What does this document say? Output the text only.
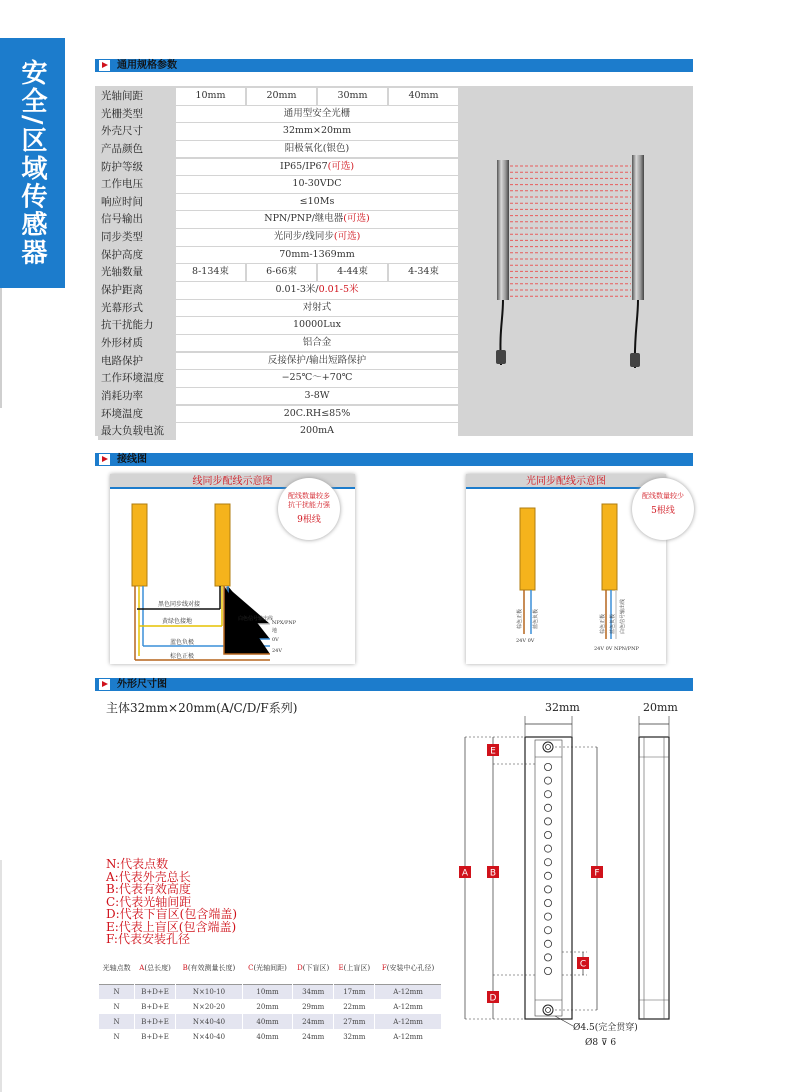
安全/区域传感器	通用规格参数
光轴间距	10mm	20mm	30mm	40mm
光栅类型	通用型安全光栅
外壳尺寸	32mm×20mm
产品颜色	阳极氧化(银色)
防护等级	IP65/IP67(可选)
工作电压	10-30VDC
响应时间	≤10Ms
信号输出	NPN/PNP/继电器(可选)
同步类型	光同步/线同步(可选)
保护高度	70mm-1369mm
光轴数量	8-134束	6-66束	4-44束	4-34束
保护距离	0.01-3米/0.01-5米
光幕形式	对射式
抗干扰能力	10000Lux
外形材质	铝合金
电路保护	反接保护/输出短路保护
工作环境温度	−25℃～+70℃
消耗功率	3-8W
环境温度	20C.RH≤85%
最大负载电流	200mA
接线图
黑色同步线对接
黄绿色接地	白色信号输出线
NPX/PNP
地
0V
24V
蓝色负极
棕色正极
线同步配线示意图
配线数量较多
抗干扰能力强
9根线
棕色正极 蓝色负极
24V 0V
棕色正极 蓝色负极 白色信号输出线
24V 0V NPN/PNP
光同步配线示意图
配线数量较少
5根线
外形尺寸图
主体32mm×20mm(A/C/D/F系列)
N:代表点数
A:代表外壳总长
B:代表有效高度
C:代表光轴间距
D:代表下盲区(包含端盖)
E:代表上盲区(包含端盖)
F:代表安装孔径
光轴点数	A(总长度)	B(有效测量长度)	C(光轴间距)	D(下盲区)	E(上盲区)	F(安装中心孔径)
N	B+D+E	N×10-10	10mm	34mm	17mm	A-12mm
N	B+D+E	N×20-20	20mm	29mm	22mm	A-12mm
N	B+D+E	N×40-40	40mm	24mm	27mm	A-12mm
N	B+D+E	N×40-40	40mm	24mm	32mm	A-12mm
32mm	20mm
E
A B	F
C
D
Ø4.5(完全贯穿)
Ø8 ⊽ 6
